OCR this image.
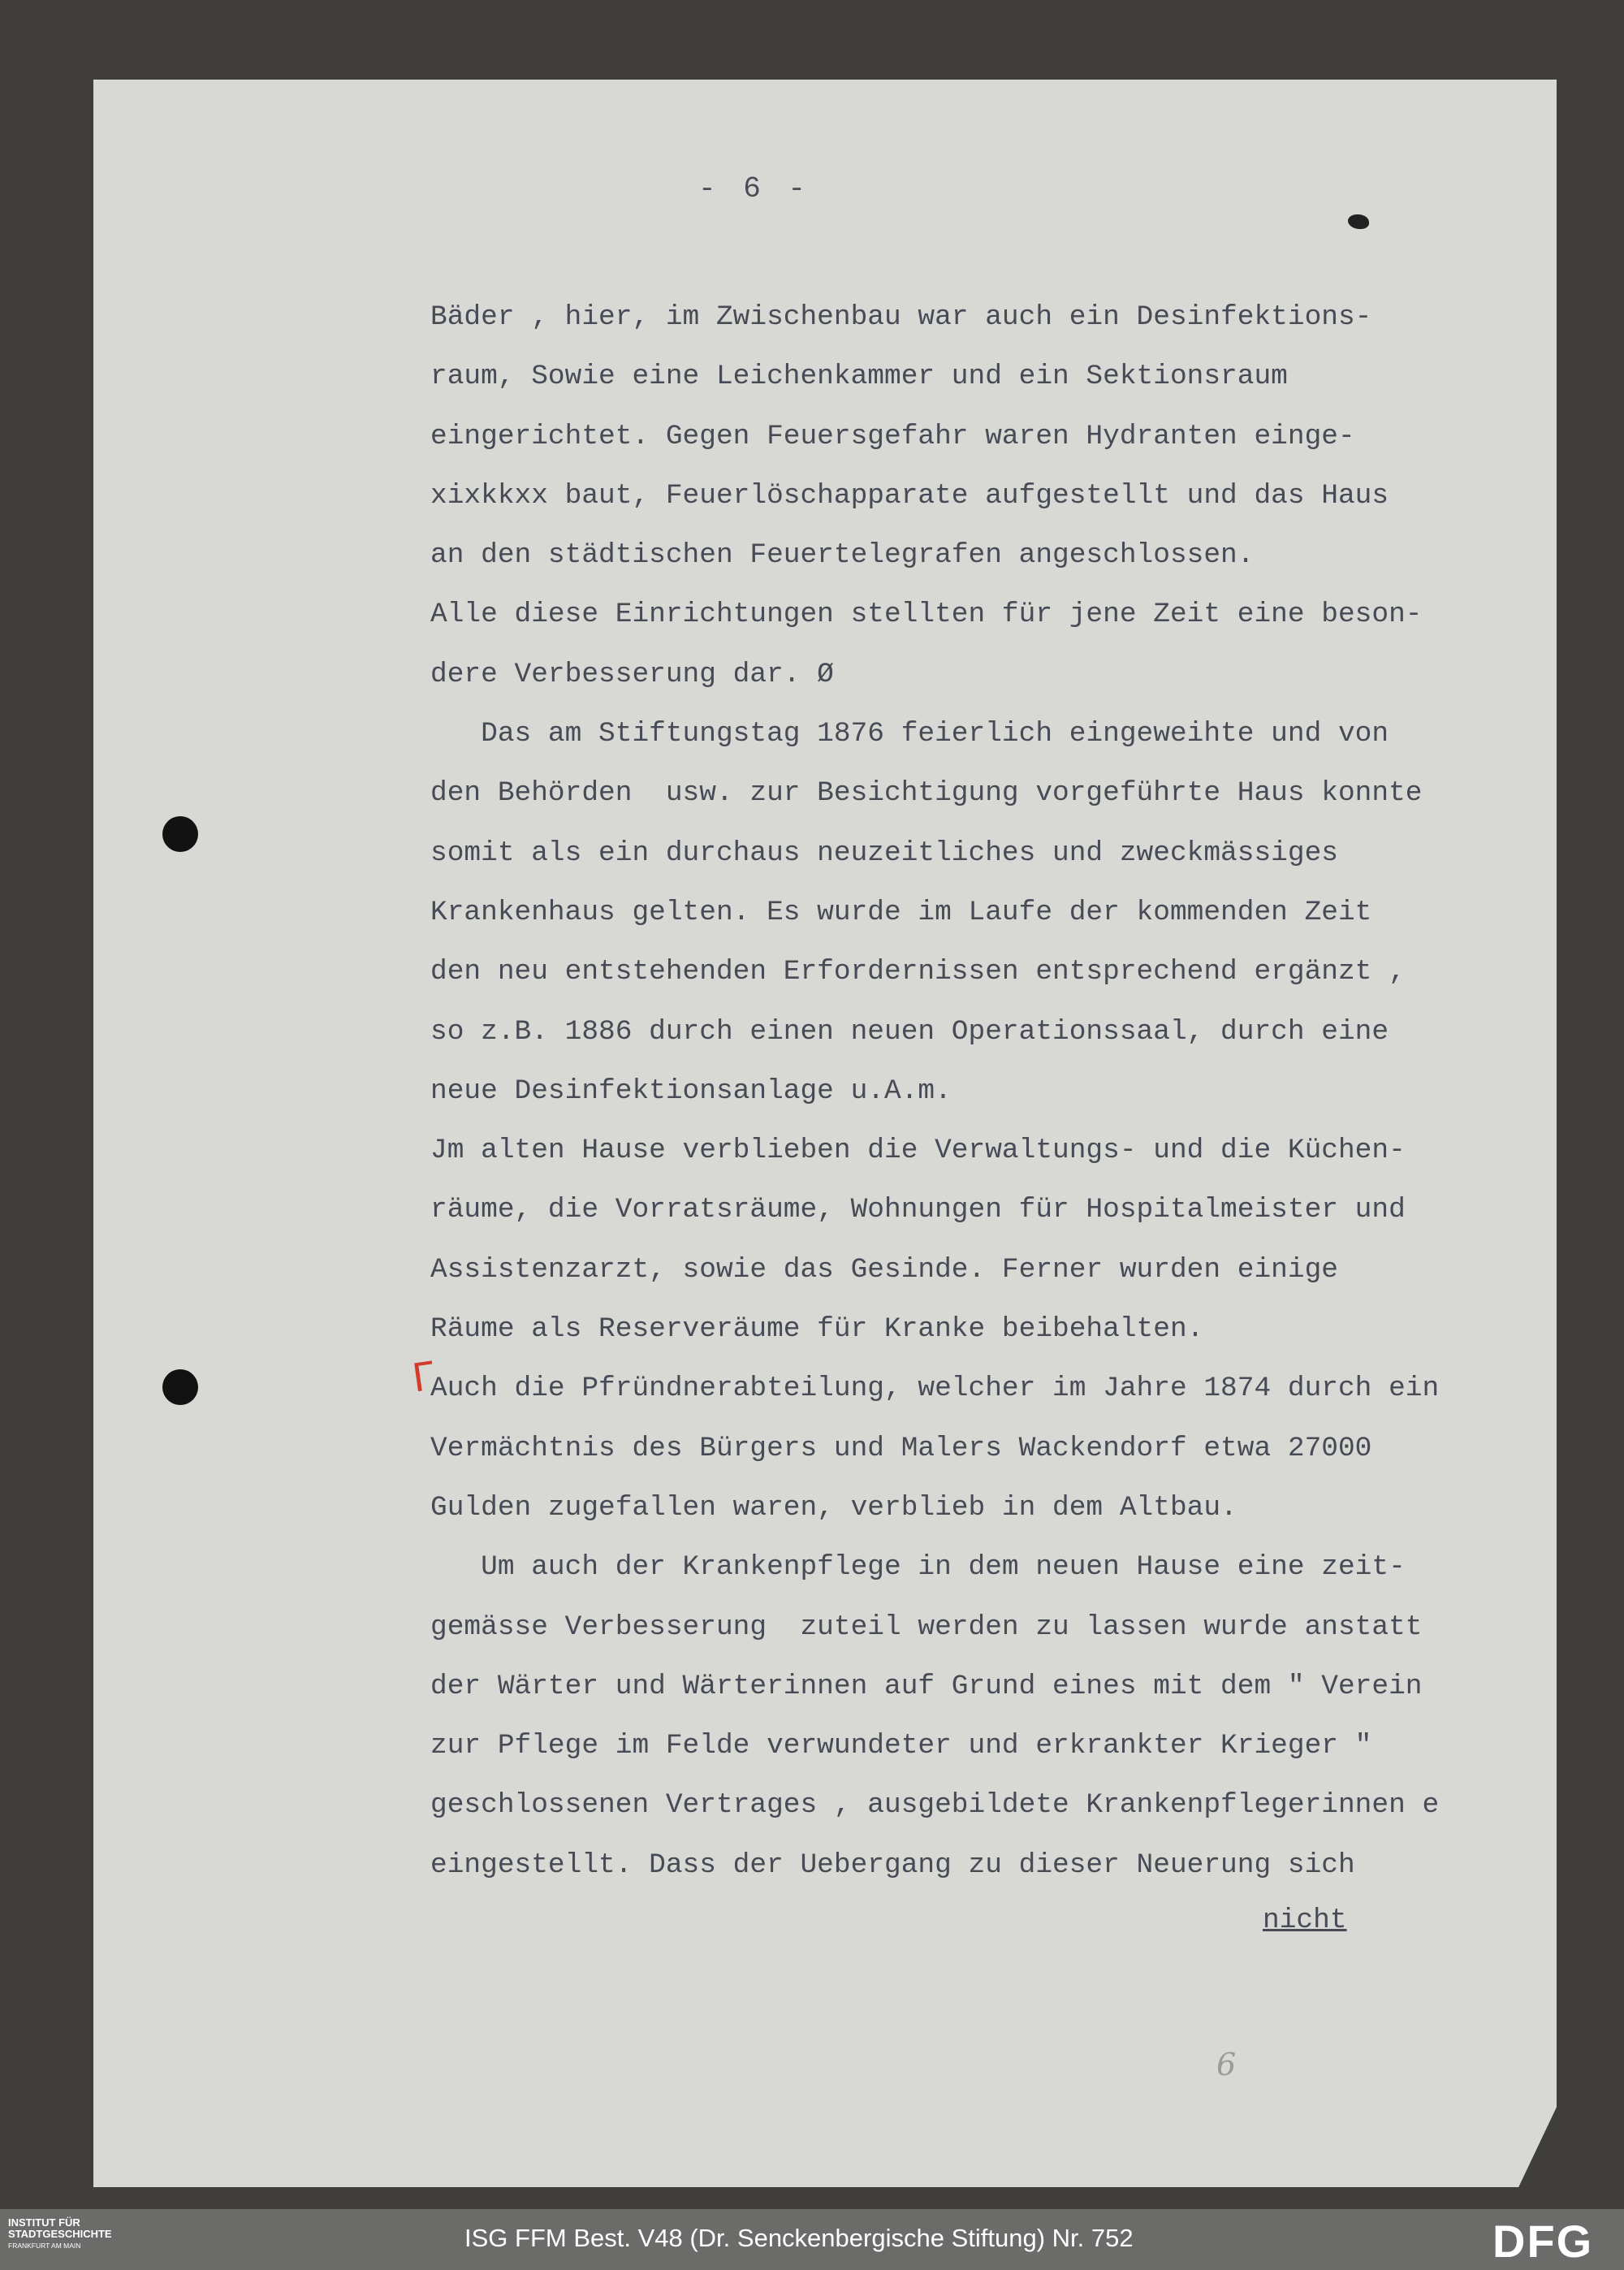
- 6 -
Bäder , hier, im Zwischenbau war auch ein Desinfektions-
raum, Sowie eine Leichenkammer und ein Sektionsraum
eingerichtet. Gegen Feuersgefahr waren Hydranten einge-
xixkkxx baut, Feuerlöschapparate aufgestellt und das Haus
an den städtischen Feuertelegrafen angeschlossen.
Alle diese Einrichtungen stellten für jene Zeit eine beson-
dere Verbesserung dar. Ø
Das am Stiftungstag 1876 feierlich eingeweihte und von
den Behörden  usw. zur Besichtigung vorgeführte Haus konnte
somit als ein durchaus neuzeitliches und zweckmässiges
Krankenhaus gelten. Es wurde im Laufe der kommenden Zeit
den neu entstehenden Erfordernissen entsprechend ergänzt ,
so z.B. 1886 durch einen neuen Operationssaal, durch eine
neue Desinfektionsanlage u.A.m.
Jm alten Hause verblieben die Verwaltungs- und die Küchen-
räume, die Vorratsräume, Wohnungen für Hospitalmeister und
Assistenzarzt, sowie das Gesinde. Ferner wurden einige
Räume als Reserveräume für Kranke beibehalten.
Auch die Pfründnerabteilung, welcher im Jahre 1874 durch ein
Vermächtnis des Bürgers und Malers Wackendorf etwa 27000
Gulden zugefallen waren, verblieb in dem Altbau.
Um auch der Krankenpflege in dem neuen Hause eine zeit-
gemässe Verbesserung  zuteil werden zu lassen wurde anstatt
der Wärter und Wärterinnen auf Grund eines mit dem " Verein
zur Pflege im Felde verwundeter und erkrankter Krieger "
geschlossenen Vertrages , ausgebildete Krankenpflegerinnen e
eingestellt. Dass der Uebergang zu dieser Neuerung sich
Γ
nicht
6
INSTITUT FÜR
STADTGESCHICHTE
FRANKFURT AM MAIN	ISG FFM Best. V48 (Dr. Senckenbergische Stiftung) Nr. 752	DFG
